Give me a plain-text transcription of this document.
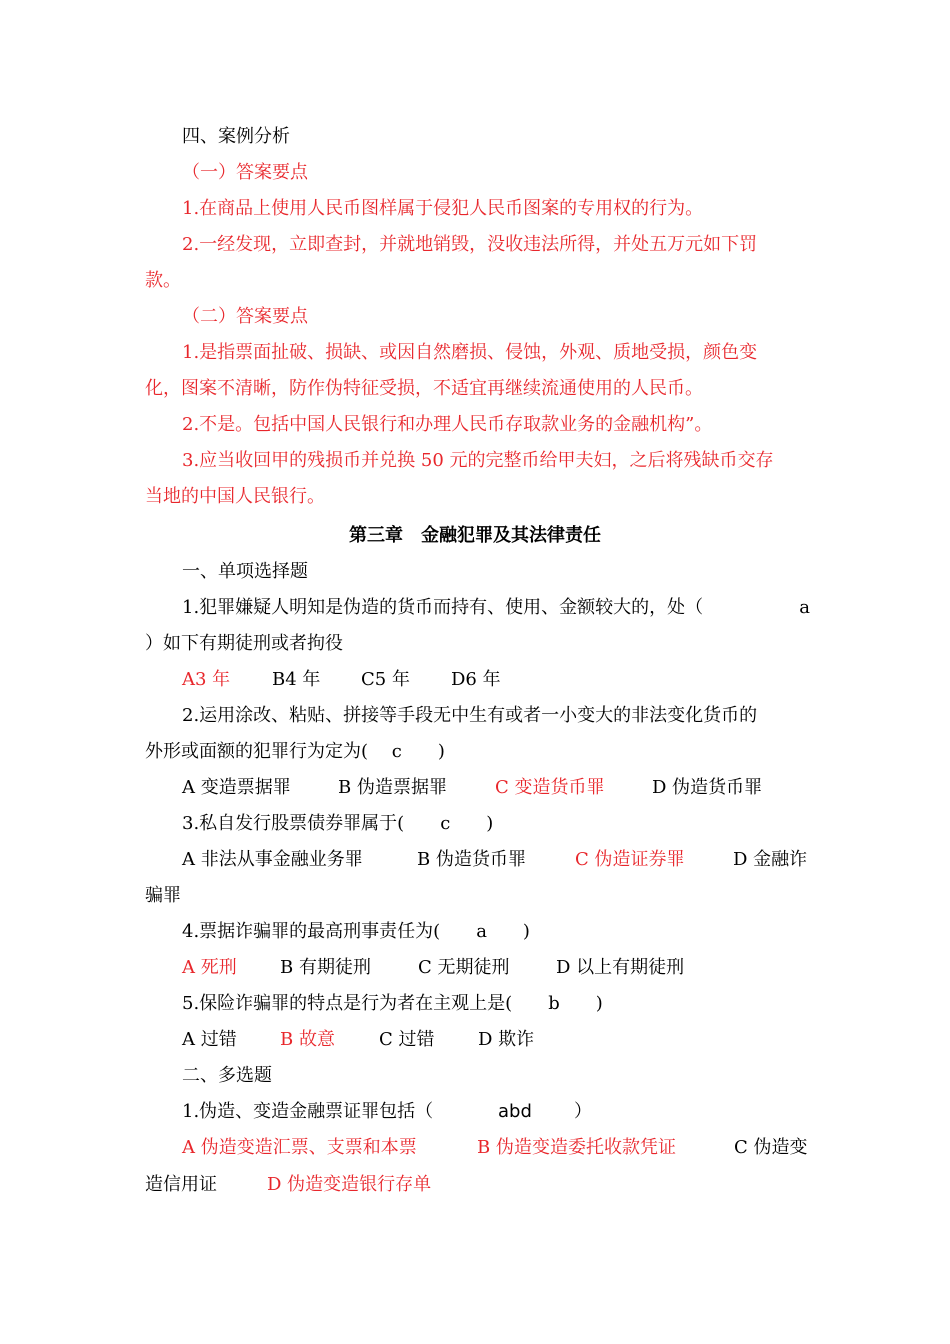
四、案例分析
（一）答案要点
1.在商品上使用人民币图样属于侵犯人民币图案的专用权的行为。
2.一经发现，立即查封，并就地销毁，没收违法所得，并处五万元如下罚
款。
（二）答案要点
1.是指票面扯破、损缺、或因自然磨损、侵蚀，外观、质地受损，颜色变
化，图案不清晰，防作伪特征受损，不适宜再继续流通使用的人民币。
2.不是。包括中国人民银行和办理人民币存取款业务的金融机构”。
3.应当收回甲的残损币并兑换 50 元的完整币给甲夫妇，之后将残缺币交存
当地的中国人民银行。
第三章　金融犯罪及其法律责任
一、单项选择题
1.犯罪嫌疑人明知是伪造的货币而持有、使用、金额较大的，处（	a
）如下有期徒刑或者拘役
A3 年 B4 年 C5 年 D6 年
2.运用涂改、粘贴、拼接等手段无中生有或者一小变大的非法变化货币的
外形或面额的犯罪行为定为(　 c　　)
A 变造票据罪	B 伪造票据罪	C 变造货币罪	D 伪造货币罪
3.私自发行股票债券罪属于(　　c　　)
A 非法从事金融业务罪	B 伪造货币罪	C 伪造证券罪	D 金融诈
骗罪
4.票据诈骗罪的最高刑事责任为(　　a　　)
A 死刑 B 有期徒刑	C 无期徒刑	D 以上有期徒刑
5.保险诈骗罪的特点是行为者在主观上是(　　b　　)
A 过错 B 故意 C 过错 D 欺诈
二、多选题
1.伪造、变造金融票证罪包括（	abd ）
A 伪造变造汇票、支票和本票	B 伪造变造委托收款凭证	C 伪造变
造信用证	D 伪造变造银行存单
